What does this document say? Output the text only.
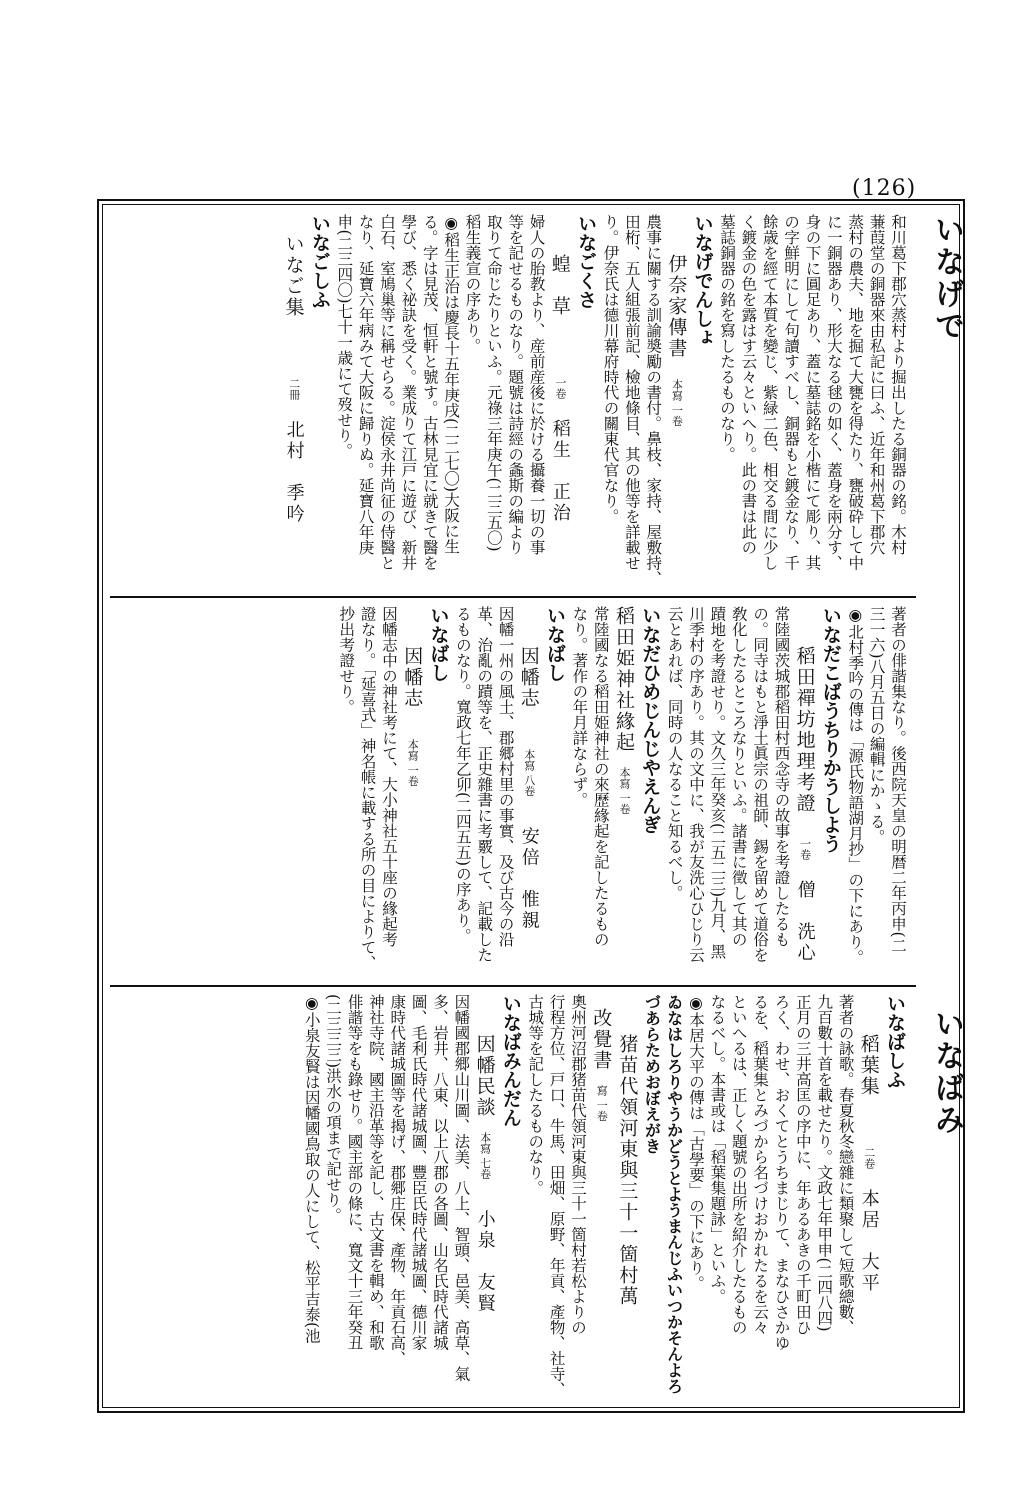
(126)
いなげで
いなばみ
和川葛下郡穴蒸村より掘出したる銅器の銘。木村
蒹葭堂の銅器來由私記に曰ふ、近年和州葛下郡穴
蒸村の農夫、地を掘て大甕を得たり、甕破砕して中
に一銅器あり、形大なる毬の如く、蓋身を兩分す、
身の下に圓足あり、蓋に墓誌銘を小楷にて彫り、其
の字鮮明にして句讀すべし、銅器もと鍍金なり、千
餘歳を經て本質を變じ、紫緑二色、相交る間に少し
く鍍金の色を露はす云々といへり。此の書は此の
墓誌銅器の銘を寫したるものなり。
いなげでんしょ
伊奈家傳書本寫 一卷
農事に關する訓諭奬勵の書付。鼻枝、家持、屋敷持、
田桁、五人組張前記、檢地條目、其の他等を詳載せ
り。伊奈氏は德川幕府時代の關東代官なり。
いなごくさ
蝗　草一卷稻生　正治
婦人の胎教より、産前産後に於ける攝養一切の事
等を記せるものなり。題號は詩經の螽斯の編より
取りて命じたりといふ。元祿三年庚午(二三五〇)
稻生義宣の序あり。
◉稻生正治は慶長十五年庚戌(二二七〇)大阪に生
る。字は見茂、恒軒と號す。古林見宜に就きて醫を
學び、悉く祕訣を受く。業成りて江戸に遊び、新井
白石、室鳩巢等に稱せらる。淀侯永井尚征の侍醫と
なり、延寶六年病みて大阪に歸りぬ。延寶八年庚
申(二三四〇)七十一歳にて歿せり。
いなごしふ
いなご集二冊北村　季吟
著者の俳諧集なり。後西院天皇の明暦二年丙申(二
三一六)八月五日の編輯にかゝる。
◉北村季吟の傳は「源氏物語湖月抄」の下にあり。
いなだこばうちりかうしよう
稻田禪坊地理考證一卷僧　洗心
常陸國茨城郡稻田村西念寺の故事を考證したるも
の。同寺はもと淨土眞宗の祖師、錫を留めて道俗を
敎化したるところなりといふ。諸書に徵して其の
蹟地を考證せり。文久三年癸亥(二五二三)九月、黑
川季村の序あり。其の文中に、我が友洗心ひじり云
云とあれば、同時の人なること知るべし。
いなだひめじんじやえんぎ
稻田姫神社緣起本寫 一卷
常陸國なる稻田姫神社の來歷緣起を記したるもの
なり。著作の年月詳ならず。
いなばし
因幡志本寫 八卷安倍　惟親
因幡一州の風土、郡郷村里の事實、及び古今の沿
革、治亂の蹟等を、正史雜書に考覈して、記載した
るものなり。寬政七年乙卯(二四五五)の序あり。
いなばし
因幡志本寫 一卷
因幡志中の神社考にて、大小神社五十座の緣起考
證なり。「延喜式」神名帳に載する所の目によりて、
抄出考證せり。
いなばしふ
稻葉集二卷本居　大平
著者の詠歌。春夏秋冬戀雜に類聚して短歌總數、
九百數十首を載せたり。文政七年甲申(二四八四)
正月の三井高匡の序中に、年あるあきの千町田ひ
ろく、わせ、おくてとうちまじりて、まなひさかゆ
るを、稻葉集とみづから名づけおかれたるを云々
といへるは、正しく題號の出所を紹介したるもの
なるべし。本書或は「稻葉集題詠」といふ。
◉本居大平の傳は「古學要」の下にあり。
ゐなはしろりやうかどうとようまんじふいつかそんよろづあらためおぼえがき
猪苗代領河東與三十一箇村萬
改覺書寫 一卷
奧州河沼郡猪苗代領河東與三十一箇村若松よりの
行程方位、戸口、牛馬、田畑、原野、年貢、產物、社寺、
古城等を記したるものなり。
いなばみんだん
因幡民談本寫 七卷小泉　友賢
因幡國郡郷山川圖、法美、八上、智頭、邑美、高草、氣
多、岩井、八東、以上八郡の各圖、山名氏時代諸城
圖、毛利氏時代諸城圖、豐臣氏時代諸城圖、德川家
康時代諸城圖等を揭げ、郡郷庄保、產物、年貢石高、
神社寺院、國主沿革等を記し、古文書を輯め、和歌
俳諧等をも錄せり。國主部の條に、寬文十三年癸丑
(二三三三)洪水の項まで記せり。
◉小泉友賢は因幡國鳥取の人にして、松平吉泰(池
